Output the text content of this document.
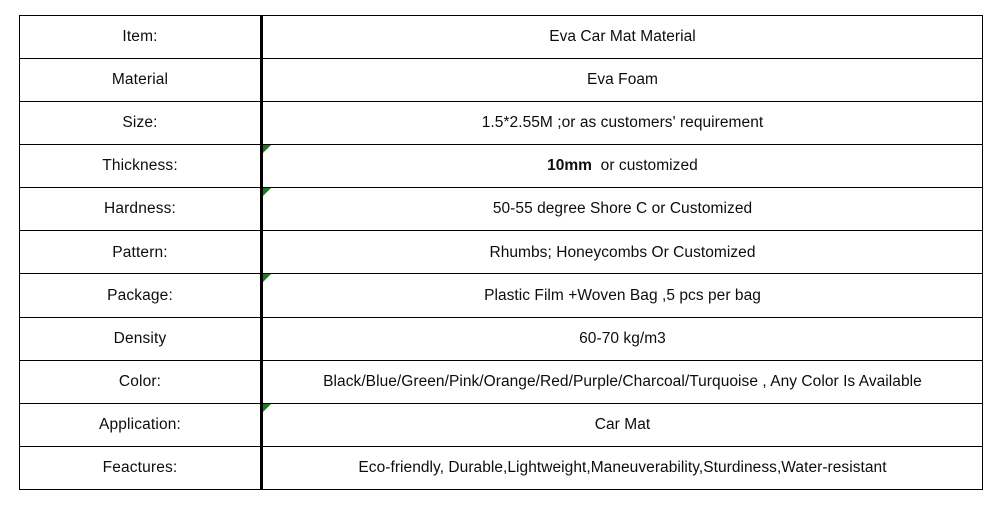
Item:	Eva Car Mat Material

Material	Eva Foam

Size:	1.5*2.55M ;or as customers' requirement

Thickness:	10mm  or customized

Hardness:	50-55 degree Shore C or Customized

Pattern:	Rhumbs; Honeycombs Or Customized

Package:	Plastic Film +Woven Bag ,5 pcs per bag

Density	60-70 kg/m3

Color:	Black/Blue/Green/Pink/Orange/Red/Purple/Charcoal/Turquoise , Any Color Is Available

Application:	Car Mat

Feactures:	Eco-friendly, Durable,Lightweight,Maneuverability,Sturdiness,Water-resistant
